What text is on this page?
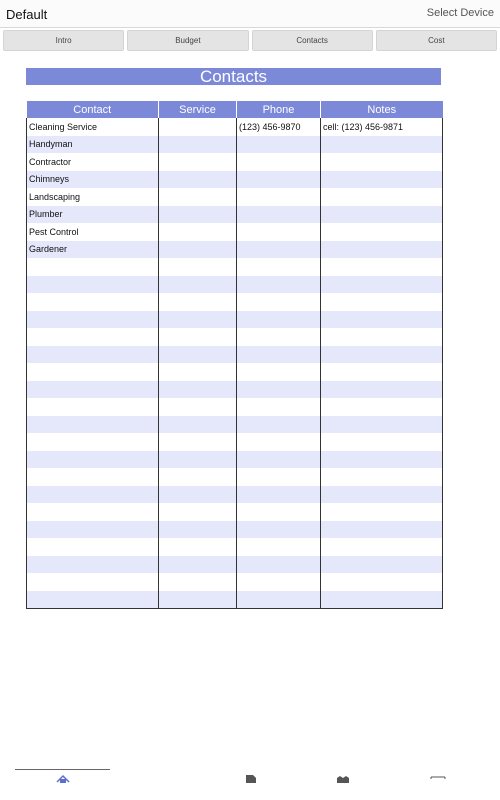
Default	Select Device
Intro	Budget	Contacts	Cost
Contacts
Contact	Service	Phone	Notes
Cleaning Service		(123) 456-9870	cell: (123) 456-9871
Handyman			
Contractor			
Chimneys			
Landscaping			
Plumber			
Pest Control			
Gardener			
